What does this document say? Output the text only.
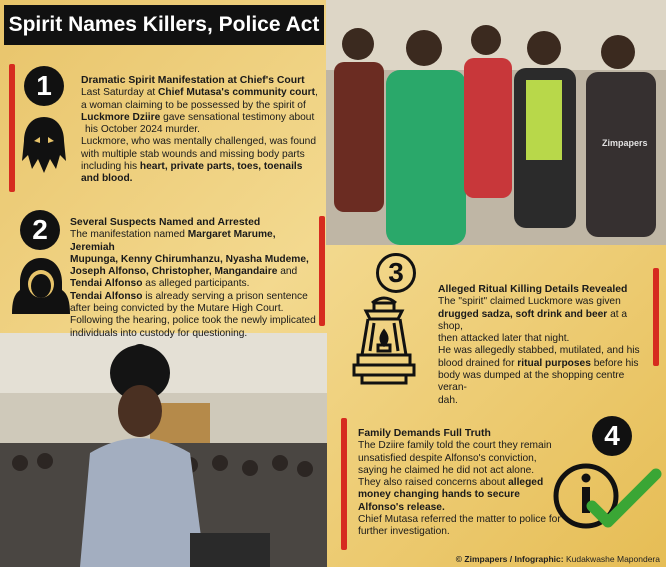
Zimpapers
Spirit Names Killers, Police Act
1	Dramatic Spirit Manifestation at Chief's Court

Last Saturday at Chief Mutasa's community court,

a woman claiming to be possessed by the spirit of

Luckmore Dziire gave sensational testimony about

his October 2024 murder.

Luckmore, who was mentally challenged, was found

with multiple stab wounds and missing body parts

including his heart, private parts, toes, toenails

and blood.

2	Several Suspects Named and Arrested

The manifestation named Margaret Marume, Jeremiah

Mupunga, Kenny Chirumhanzu, Nyasha Mudeme,

Joseph Alfonso, Christopher, Mangandaire and

Tendai Alfonso as alleged participants.

Tendai Alfonso is already serving a prison sentence

after being convicted by the Mutare High Court.

Following the hearing, police took the newly implicated

individuals into custody for questioning.

3
Alleged Ritual Killing Details Revealed

The "spirit" claimed Luckmore was given

drugged sadza, soft drink and beer at a shop,

then attacked later that night.

He was allegedly stabbed, mutilated, and his

blood drained for ritual purposes before his

body was dumped at the shopping centre veran-

dah.

4
Family Demands Full Truth

The Dziire family told the court they remain

unsatisfied despite Alfonso's conviction,

saying he claimed he did not act alone.

They also raised concerns about alleged

money changing hands to secure

Alfonso's release.

Chief Mutasa referred the matter to police for

further investigation.

© Zimpapers / Infographic: Kudakwashe Mapondera
